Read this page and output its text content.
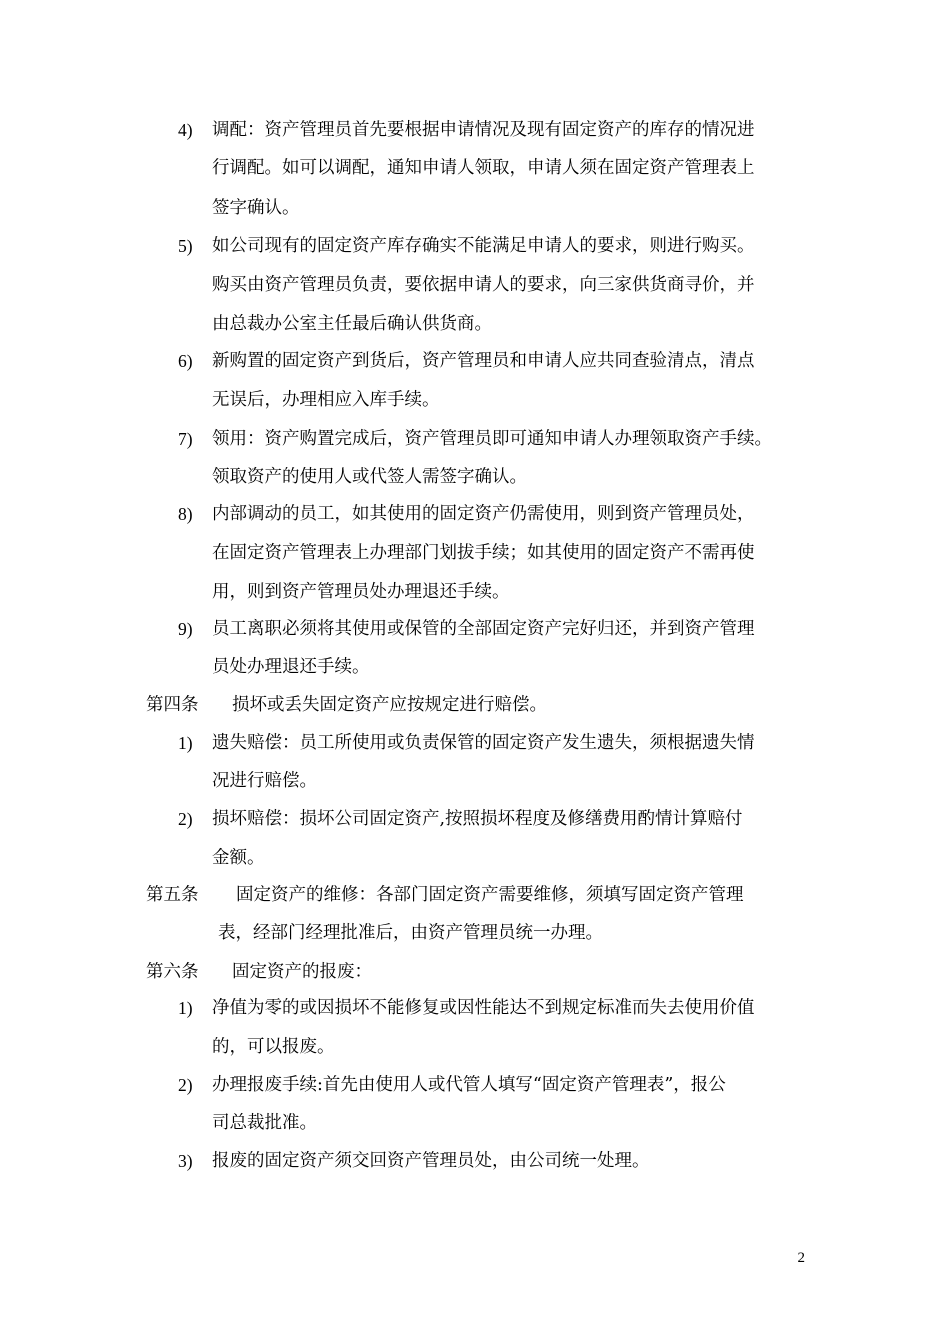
4) 调配：资产管理员首先要根据申请情况及现有固定资产的库存的情况进
行调配。如可以调配，通知申请人领取，申请人须在固定资产管理表上
签字确认。
5) 如公司现有的固定资产库存确实不能满足申请人的要求，则进行购买。
购买由资产管理员负责，要依据申请人的要求，向三家供货商寻价，并
由总裁办公室主任最后确认供货商。
6) 新购置的固定资产到货后，资产管理员和申请人应共同查验清点，清点
无误后，办理相应入库手续。
7) 领用：资产购置完成后，资产管理员即可通知申请人办理领取资产手续。
领取资产的使用人或代签人需签字确认。
8) 内部调动的员工，如其使用的固定资产仍需使用，则到资产管理员处，
在固定资产管理表上办理部门划拔手续；如其使用的固定资产不需再使
用，则到资产管理员处办理退还手续。
9) 员工离职必须将其使用或保管的全部固定资产完好归还，并到资产管理
员处办理退还手续。
第四条 损坏或丢失固定资产应按规定进行赔偿。
1) 遗失赔偿：员工所使用或负责保管的固定资产发生遗失，须根据遗失情
况进行赔偿。
2) 损坏赔偿：损坏公司固定资产,按照损坏程度及修缮费用酌情计算赔付
金额。
第五条 固定资产的维修：各部门固定资产需要维修，须填写固定资产管理
表，经部门经理批准后，由资产管理员统一办理。
第六条 固定资产的报废：
1) 净值为零的或因损坏不能修复或因性能达不到规定标准而失去使用价值
的，可以报废。
2) 办理报废手续:首先由使用人或代管人填写“固定资产管理表”，报公
司总裁批准。
3) 报废的固定资产须交回资产管理员处，由公司统一处理。
2
